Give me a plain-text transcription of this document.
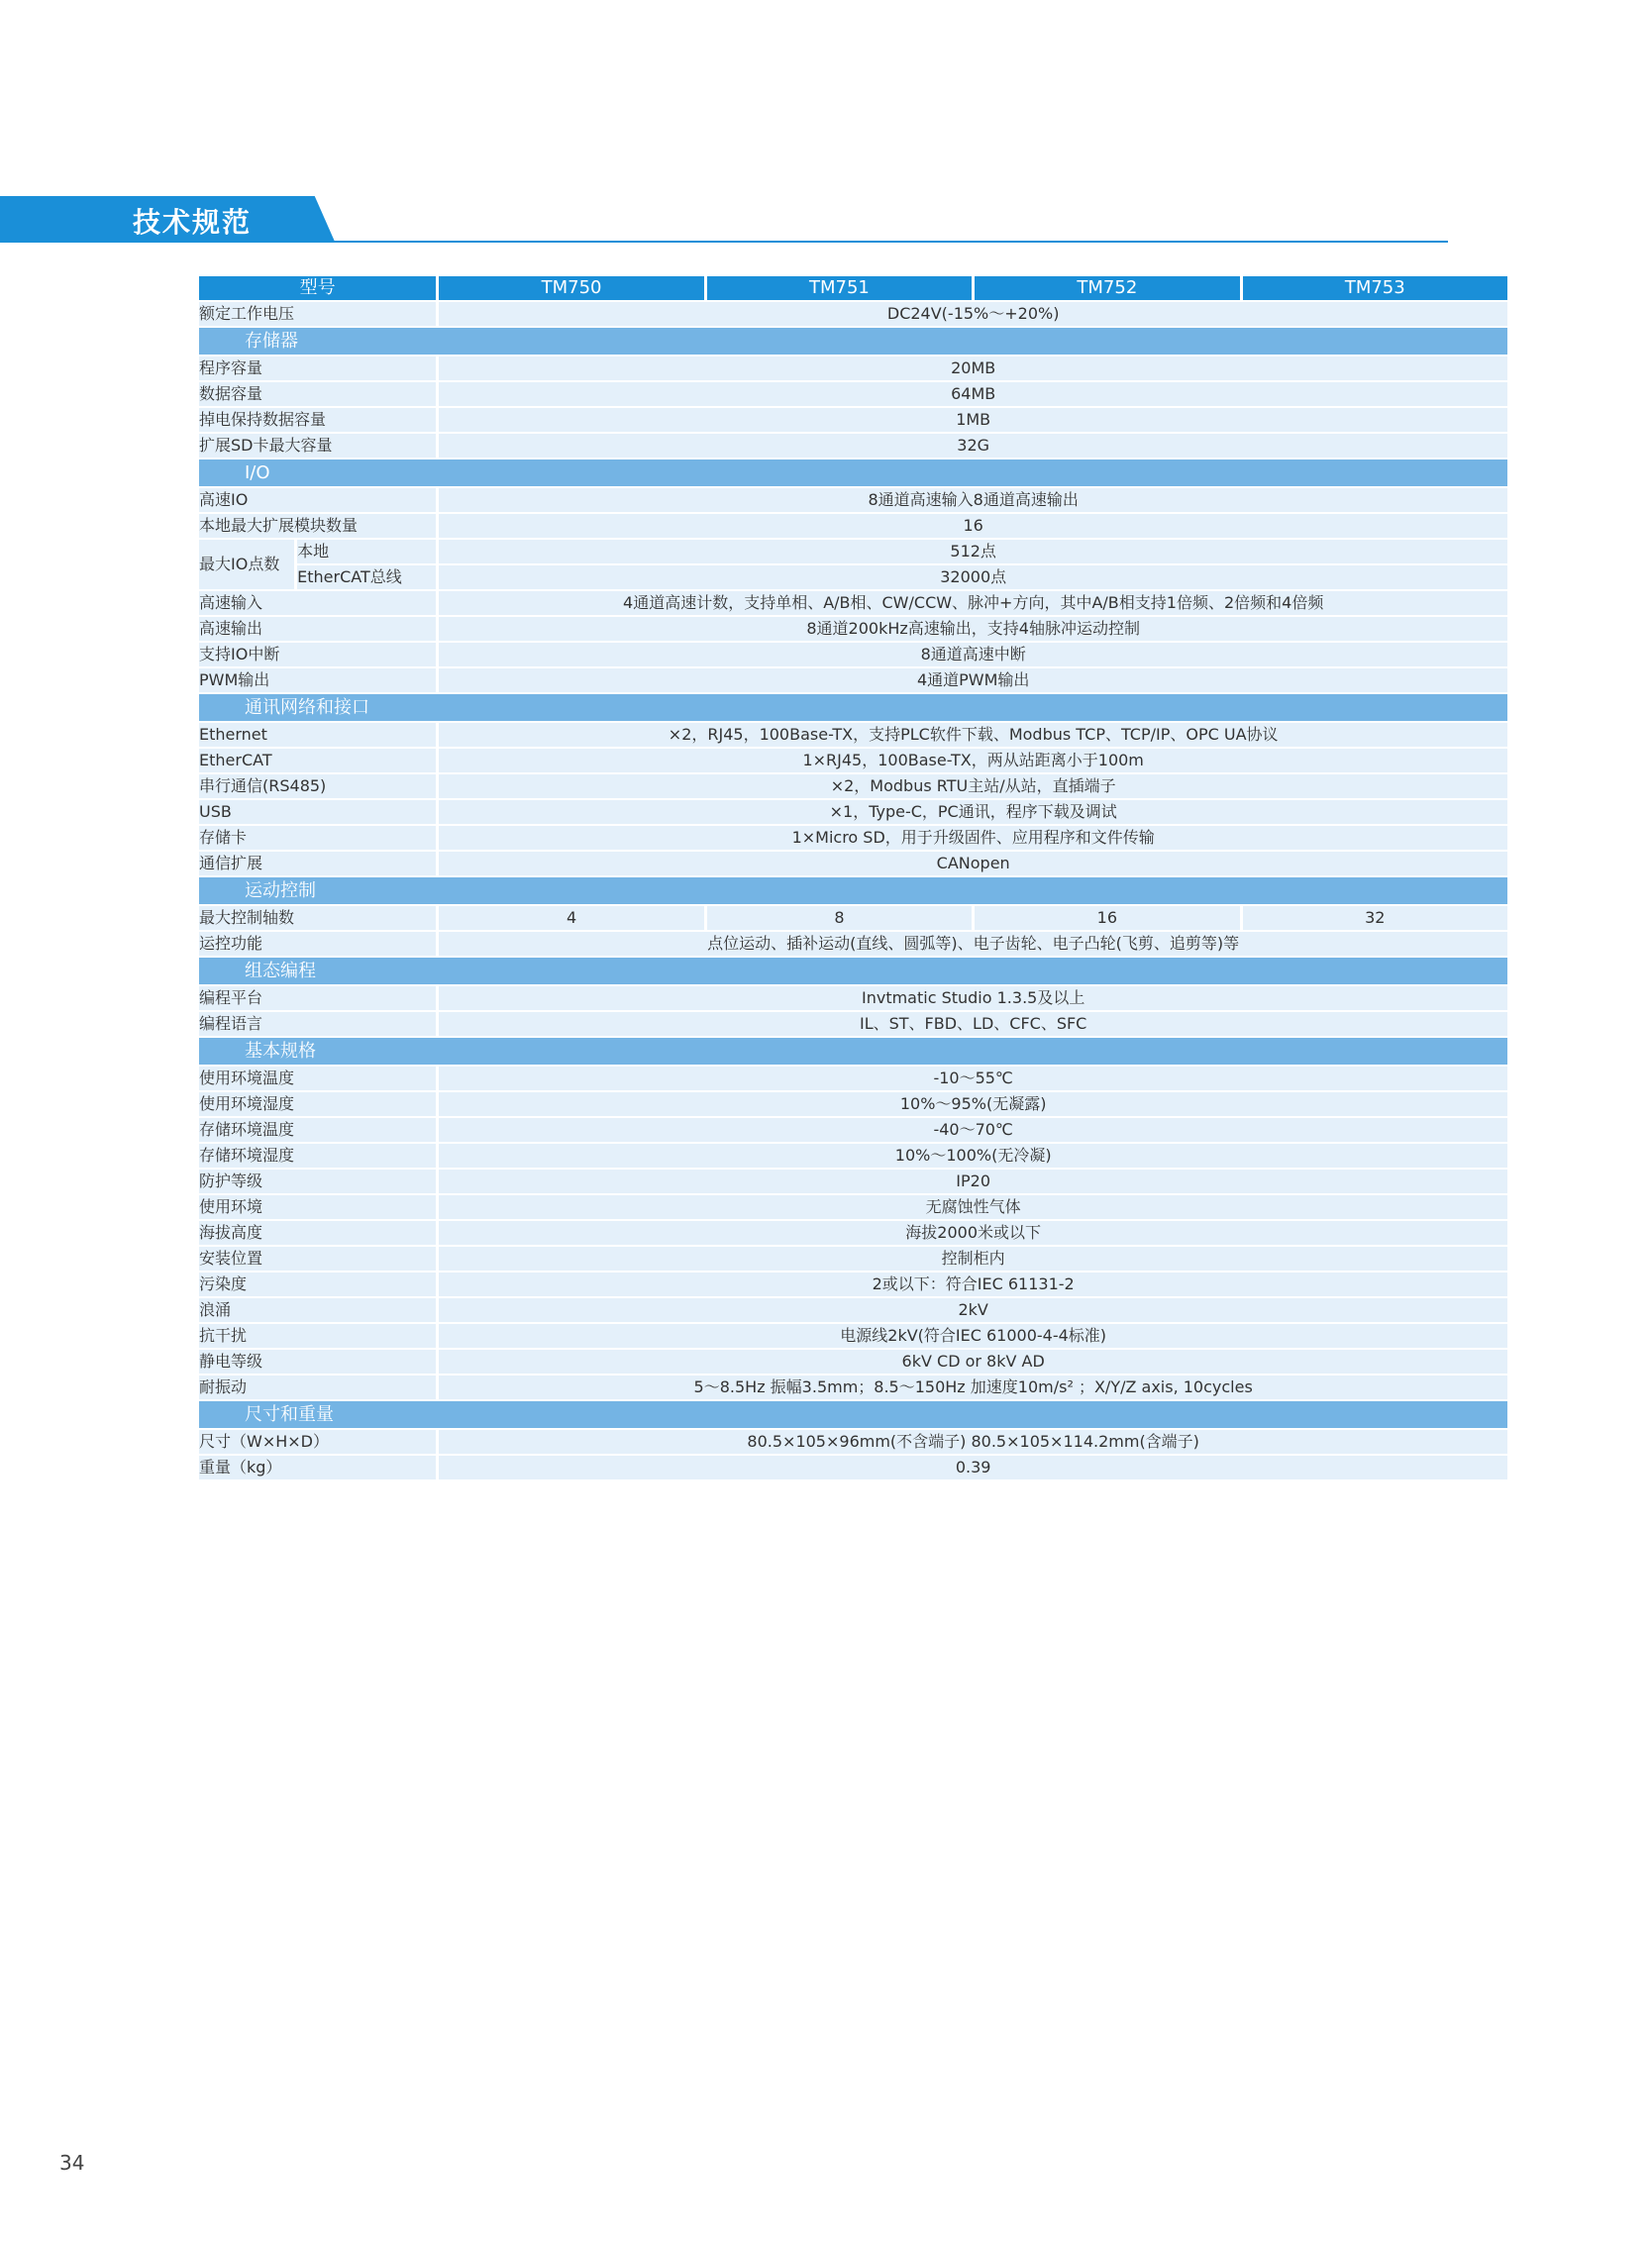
技术规范
型号		TM750	TM751	TM752	TM753
额定工作电压		DC24V(-15%～+20%)			
存储器					
程序容量		20MB			
数据容量		64MB			
掉电保持数据容量		1MB			
扩展SD卡最大容量		32G			
I/O					
高速IO		8通道高速输入8通道高速输出			
本地最大扩展模块数量		16			
最大IO点数	本地	512点			
	EtherCAT总线	32000点			
高速输入		4通道高速计数，支持单相、A/B相、CW/CCW、脉冲+方向，其中A/B相支持1倍频、2倍频和4倍频			
高速输出		8通道200kHz高速输出，支持4轴脉冲运动控制			
支持IO中断		8通道高速中断			
PWM输出		4通道PWM输出			
通讯网络和接口					
Ethernet		×2，RJ45，100Base-TX，支持PLC软件下载、Modbus TCP、TCP/IP、OPC UA协议			
EtherCAT		1×RJ45，100Base-TX，两从站距离小于100m			
串行通信(RS485)		×2，Modbus RTU主站/从站，直插端子			
USB		×1，Type-C，PC通讯，程序下载及调试			
存储卡		1×Micro SD，用于升级固件、应用程序和文件传输			
通信扩展		CANopen			
运动控制					
最大控制轴数		4	8	16	32
运控功能		点位运动、插补运动(直线、圆弧等)、电子齿轮、电子凸轮(飞剪、追剪等)等			
组态编程					
编程平台		Invtmatic Studio 1.3.5及以上			
编程语言		IL、ST、FBD、LD、CFC、SFC			
基本规格					
使用环境温度		-10～55℃			
使用环境湿度		10%～95%(无凝露)			
存储环境温度		-40～70℃			
存储环境湿度		10%～100%(无冷凝)			
防护等级		IP20			
使用环境		无腐蚀性气体			
海拔高度		海拔2000米或以下			
安装位置		控制柜内			
污染度		2或以下：符合IEC 61131-2			
浪涌		2kV			
抗干扰		电源线2kV(符合IEC 61000-4-4标准)			
静电等级		6kV CD or 8kV AD			
耐振动		5～8.5Hz 振幅3.5mm；8.5～150Hz 加速度10m/s² ；X/Y/Z axis, 10cycles			
尺寸和重量					
尺寸（W×H×D）		80.5×105×96mm(不含端子) 80.5×105×114.2mm(含端子)			
重量（kg）		0.39			
34
